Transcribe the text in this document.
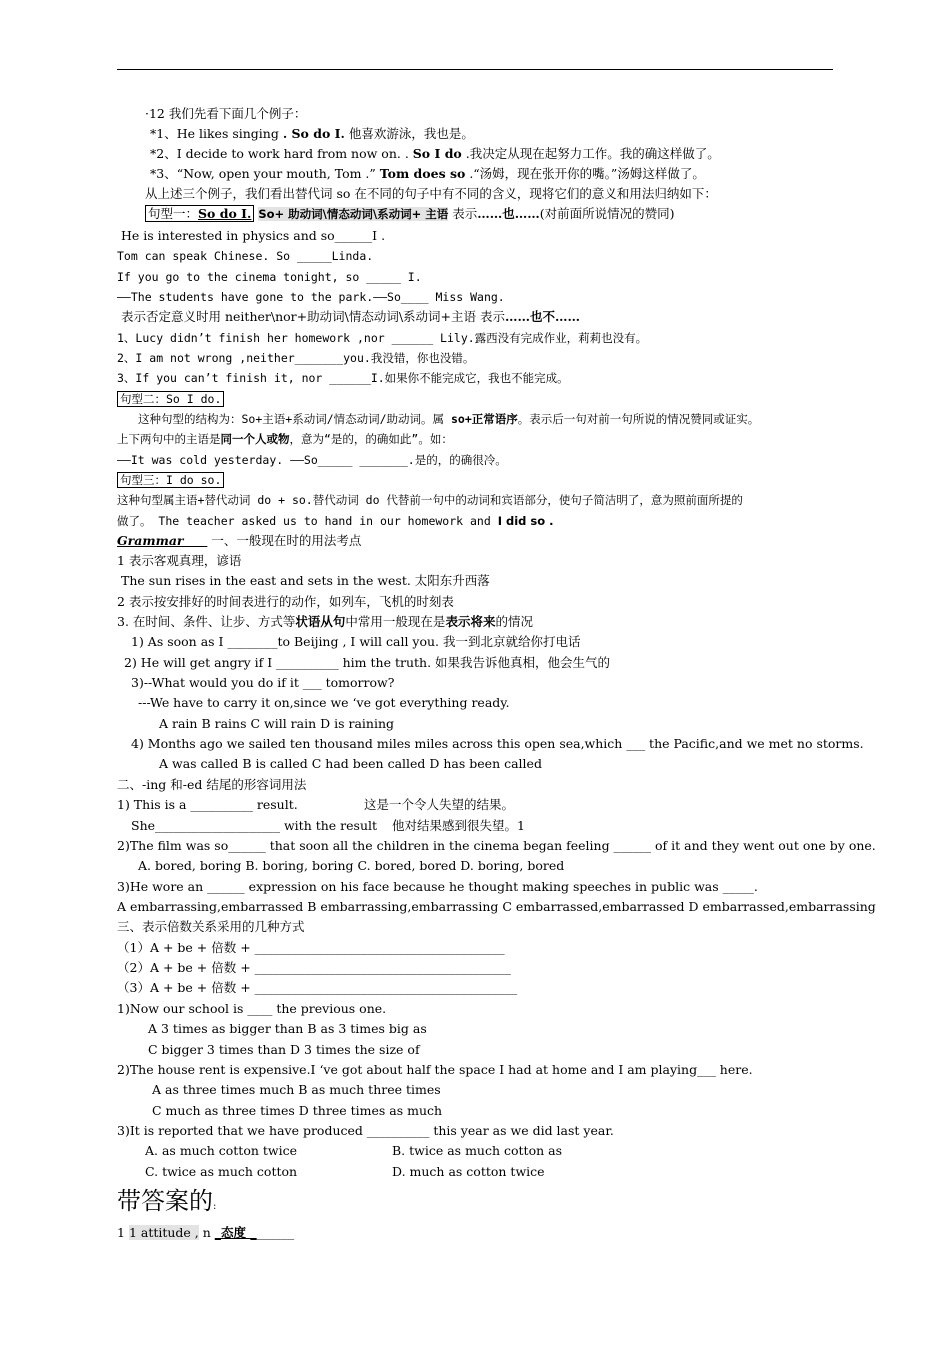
·12 我们先看下面几个例子：
*1、He likes singing . So do I. 他喜欢游泳，我也是。
*2、I decide to work hard from now on. . So I do .我决定从现在起努力工作。我的确这样做了。
*3、“Now, open your mouth, Tom .” Tom does so .“汤姆，现在张开你的嘴。”汤姆这样做了。
从上述三个例子，我们看出替代词 so 在不同的句子中有不同的含义，现将它们的意义和用法归纳如下：
句型一：So do I. So+ 助动词\情态动词\系动词+ 主语 表示……也……(对前面所说情况的赞同)
He is interested in physics and so______I .
Tom can speak Chinese. So _____Linda.
If you go to the cinema tonight, so _____ I.
——The students have gone to the park.——So____ Miss Wang.
表示否定意义时用 neither\nor+助动词\情态动词\系动词+主语 表示……也不……
1、Lucy didn’t finish her homework ,nor ______ Lily.露西没有完成作业，莉莉也没有。
2、I am not wrong ,neither_______you.我没错，你也没错。
3、If you can’t finish it, nor ______I.如果你不能完成它，我也不能完成。
句型二：So I do.
这种句型的结构为：So+主语+系动词/情态动词/助动词。属 so+正常语序。表示后一句对前一句所说的情况赞同或证实。
上下两句中的主语是同一个人或物，意为“是的，的确如此”。如：
——It was cold yesterday. ——So_____ _______.是的，的确很冷。
句型三：I do so.
这种句型属主语+替代动词 do + so.替代动词 do 代替前一句中的动词和宾语部分，使句子简洁明了，意为照前面所提的
做了。 The teacher asked us to hand in our homework and I did so .
Grammar 一、一般现在时的用法考点
1 表示客观真理，谚语
The sun rises in the east and sets in the west. 太阳东升西落
2 表示按安排好的时间表进行的动作，如列车，飞机的时刻表
3. 在时间、条件、让步、方式等状语从句中常用一般现在是表示将来的情况
1) As soon as I ________to Beijing , I will call you. 我一到北京就给你打电话
2) He will get angry if I __________ him the truth. 如果我告诉他真相，他会生气的
3)--What would you do if it ___ tomorrow?
---We have to carry it on,since we ‘ve got everything ready.
A rain B rains C will rain D is raining
4) Months ago we sailed ten thousand miles miles across this open sea,which ___ the Pacific,and we met no storms.
A was called B is called C had been called D has been called
二、-ing 和-ed 结尾的形容词用法
1) This is a __________ result.	这是一个令人失望的结果。
She____________________ with the result 他对结果感到很失望。1
2)The film was so______ that soon all the children in the cinema began feeling ______ of it and they went out one by one.
A. bored, boring B. boring, boring C. bored, bored D. boring, bored
3)He wore an ______ expression on his face because he thought making speeches in public was _____.
A embarrassing,embarrassed B embarrassing,embarrassing C embarrassed,embarrassed D embarrassed,embarrassing
三、表示倍数关系采用的几种方式
（1）A + be + 倍数 + ________________________________________
（2）A + be + 倍数 + _________________________________________
（3）A + be + 倍数 + __________________________________________
1)Now our school is ____ the previous one.
A 3 times as bigger than B as 3 times big as
C bigger 3 times than D 3 times the size of
2)The house rent is expensive.I ‘ve got about half the space I had at home and I am playing___ here.
A as three times much B as much three times
C much as three times D three times as much
3)It is reported that we have produced __________ this year as we did last year.
A. as much cotton twice	B. twice as much cotton as
C. twice as much cotton	D. much as cotton twice
带答案的:
1 1 attitude , n _态度 _______
